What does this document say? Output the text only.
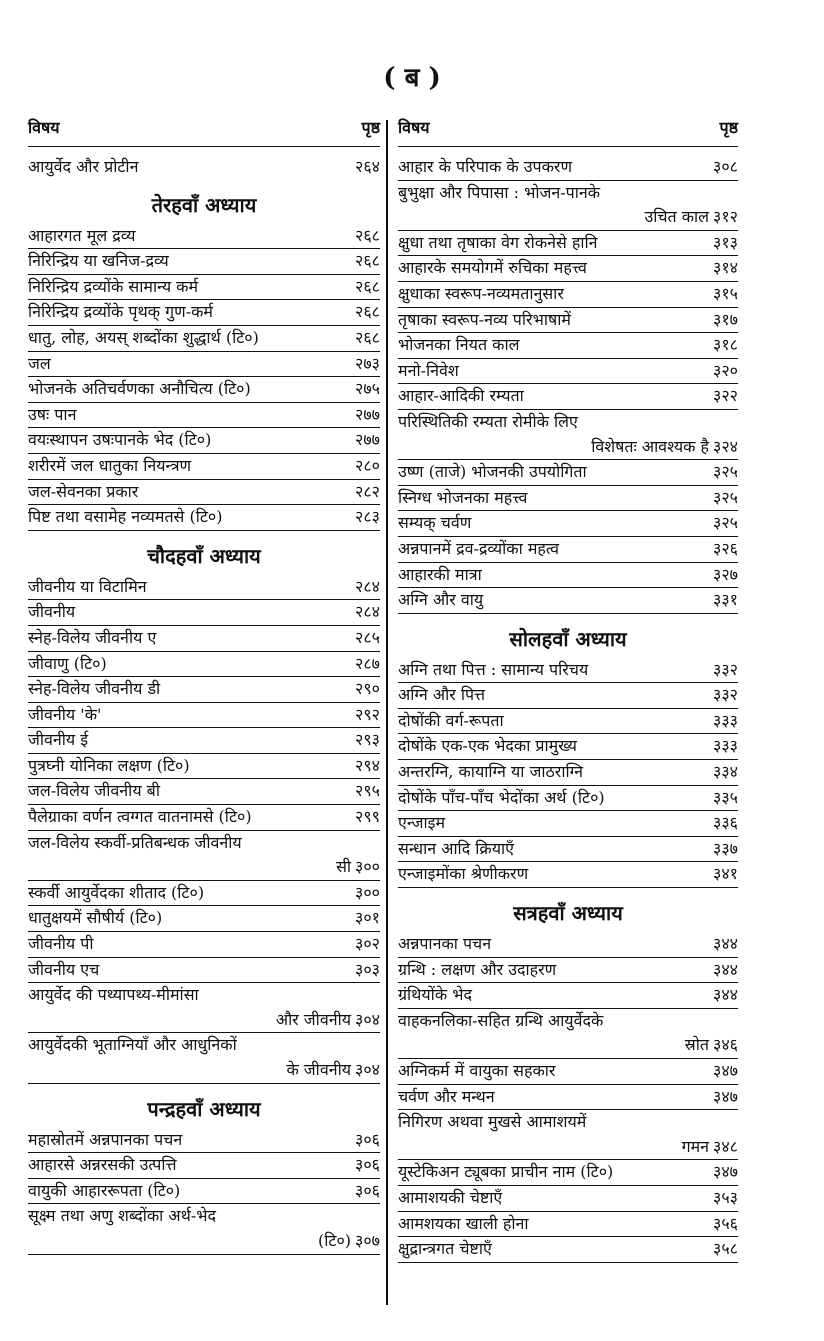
( ब )
विषय	पृष्ठ
आयुर्वेद और प्रोटीन	२६४
तेरहवाँ अध्याय
आहारगत मूल द्रव्य	२६८
निरिन्द्रिय या खनिज-द्रव्य	२६८
निरिन्द्रिय द्रव्योंके सामान्य कर्म	२६८
निरिन्द्रिय द्रव्योंके पृथक् गुण-कर्म	२६८
धातु, लोह, अयस् शब्दोंका शुद्धार्थ (टि०)	२६८
जल	२७३
भोजनके अतिचर्वणका अनौचित्य (टि०)	२७५
उषः पान	२७७
वयःस्थापन उषःपानके भेद (टि०)	२७७
शरीरमें जल धातुका नियन्त्रण	२८०
जल-सेवनका प्रकार	२८२
पिष्ट तथा वसामेह नव्यमतसे (टि०)	२८३
चौदहवाँ अध्याय
जीवनीय या विटामिन	२८४
जीवनीय	२८४
स्नेह-विलेय जीवनीय ए	२८५
जीवाणु (टि०)	२८७
स्नेह-विलेय जीवनीय डी	२९०
जीवनीय 'के'	२९२
जीवनीय ई	२९३
पुत्रघ्नी योनिका लक्षण (टि०)	२९४
जल-विलेय जीवनीय बी	२९५
पैलेग्राका वर्णन त्वग्गत वातनामसे (टि०)	२९९
जल-विलेय स्कर्वी-प्रतिबन्धक जीवनीय
सी ३००
स्कर्वी आयुर्वेदका शीताद (टि०)	३००
धातुक्षयमें सौषीर्य (टि०)	३०१
जीवनीय पी	३०२
जीवनीय एच	३०३
आयुर्वेद की पथ्यापथ्य-मीमांसा
और जीवनीय ३०४
आयुर्वेदकी भूताग्नियाँ और आधुनिकों
के जीवनीय ३०४
पन्द्रहवाँ अध्याय
महास्रोतमें अन्नपानका पचन	३०६
आहारसे अन्नरसकी उत्पत्ति	३०६
वायुकी आहाररूपता (टि०)	३०६
सूक्ष्म तथा अणु शब्दोंका अर्थ-भेद
(टि०) ३०७
विषय	पृष्ठ
आहार के परिपाक के उपकरण	३०८
बुभुक्षा और पिपासा : भोजन-पानके
उचित काल ३१२
क्षुधा तथा तृषाका वेग रोकनेसे हानि	३१३
आहारके समयोगमें रुचिका महत्त्व	३१४
क्षुधाका स्वरूप-नव्यमतानुसार	३१५
तृषाका स्वरूप-नव्य परिभाषामें	३१७
भोजनका नियत काल	३१८
मनो-निवेश	३२०
आहार-आदिकी रम्यता	३२२
परिस्थितिकी रम्यता रोमीके लिए
विशेषतः आवश्यक है ३२४
उष्ण (ताजे) भोजनकी उपयोगिता	३२५
स्निग्ध भोजनका महत्त्व	३२५
सम्यक् चर्वण	३२५
अन्नपानमें द्रव-द्रव्योंका महत्व	३२६
आहारकी मात्रा	३२७
अग्नि और वायु	३३१
सोलहवाँ अध्याय
अग्नि तथा पित्त : सामान्य परिचय	३३२
अग्नि और पित्त	३३२
दोषोंकी वर्ग-रूपता	३३३
दोषोंके एक-एक भेदका प्रामुख्य	३३३
अन्तरग्नि, कायाग्नि या जाठराग्नि	३३४
दोषोंके पाँच-पाँच भेदोंका अर्थ (टि०)	३३५
एन्जाइम	३३६
सन्धान आदि क्रियाएँ	३३७
एन्जाइमोंका श्रेणीकरण	३४१
सत्रहवाँ अध्याय
अन्नपानका पचन	३४४
ग्रन्थि : लक्षण और उदाहरण	३४४
ग्रंथियोंके भेद	३४४
वाहकनलिका-सहित ग्रन्थि आयुर्वेदके
स्रोत ३४६
अग्निकर्म में वायुका सहकार	३४७
चर्वण और मन्थन	३४७
निगिरण अथवा मुखसे आमाशयमें
गमन ३४८
यूस्टेकिअन ट्यूबका प्राचीन नाम (टि०)	३४७
आमाशयकी चेष्टाएँ	३५३
आमशयका खाली होना	३५६
क्षुद्रान्त्रगत चेष्टाएँ	३५८
